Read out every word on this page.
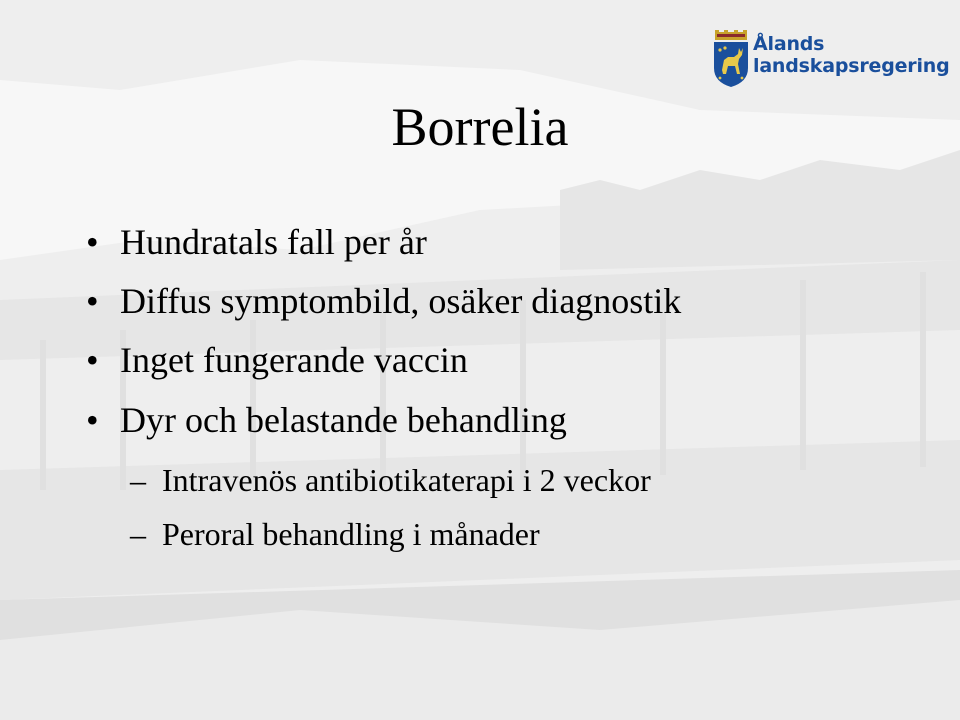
Ålands
landskapsregering
Borrelia
• Hundratals fall per år
• Diffus symptombild, osäker diagnostik
• Inget fungerande vaccin
• Dyr och belastande behandling
– Intravenös antibiotikaterapi i 2 veckor
– Peroral behandling i månader
